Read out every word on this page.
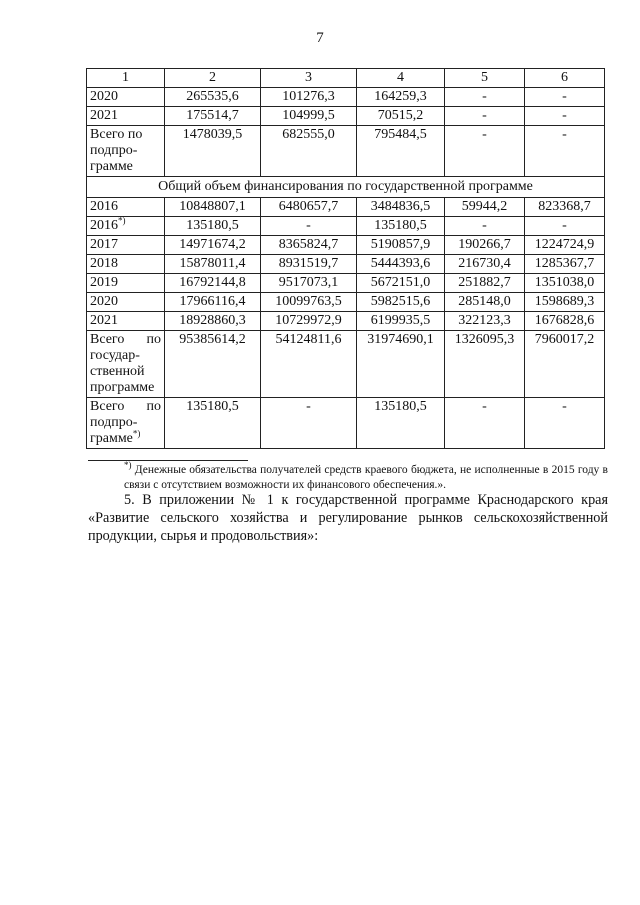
7
1	2	3	4	5	6
2020	265535,6	101276,3	164259,3	-	-
2021	175514,7	104999,5	70515,2	-	-
Всего по подпро-грамме	1478039,5	682555,0	795484,5	-	-
Общий объем финансирования по государственной программе					
2016	10848807,1	6480657,7	3484836,5	59944,2	823368,7
2016*)	135180,5	-	135180,5	-	-
2017	14971674,2	8365824,7	5190857,9	190266,7	1224724,9
2018	15878011,4	8931519,7	5444393,6	216730,4	1285367,7
2019	16792144,8	9517073,1	5672151,0	251882,7	1351038,0
2020	17966116,4	10099763,5	5982515,6	285148,0	1598689,3
2021	18928860,3	10729972,9	6199935,5	322123,3	1676828,6
Всего по государ-ственной программе	95385614,2	54124811,6	31974690,1	1326095,3	7960017,2
Всего по подпро-грамме*)	135180,5	-	135180,5	-	-
*) Денежные обязательства получателей средств краевого бюджета, не исполненные в 2015 году в связи с отсутствием возможности их финансового обеспечения.».
5. В приложении № 1 к государственной программе Краснодарского края «Развитие сельского хозяйства и регулирование рынков сельскохозяйственной продукции, сырья и продовольствия»:
